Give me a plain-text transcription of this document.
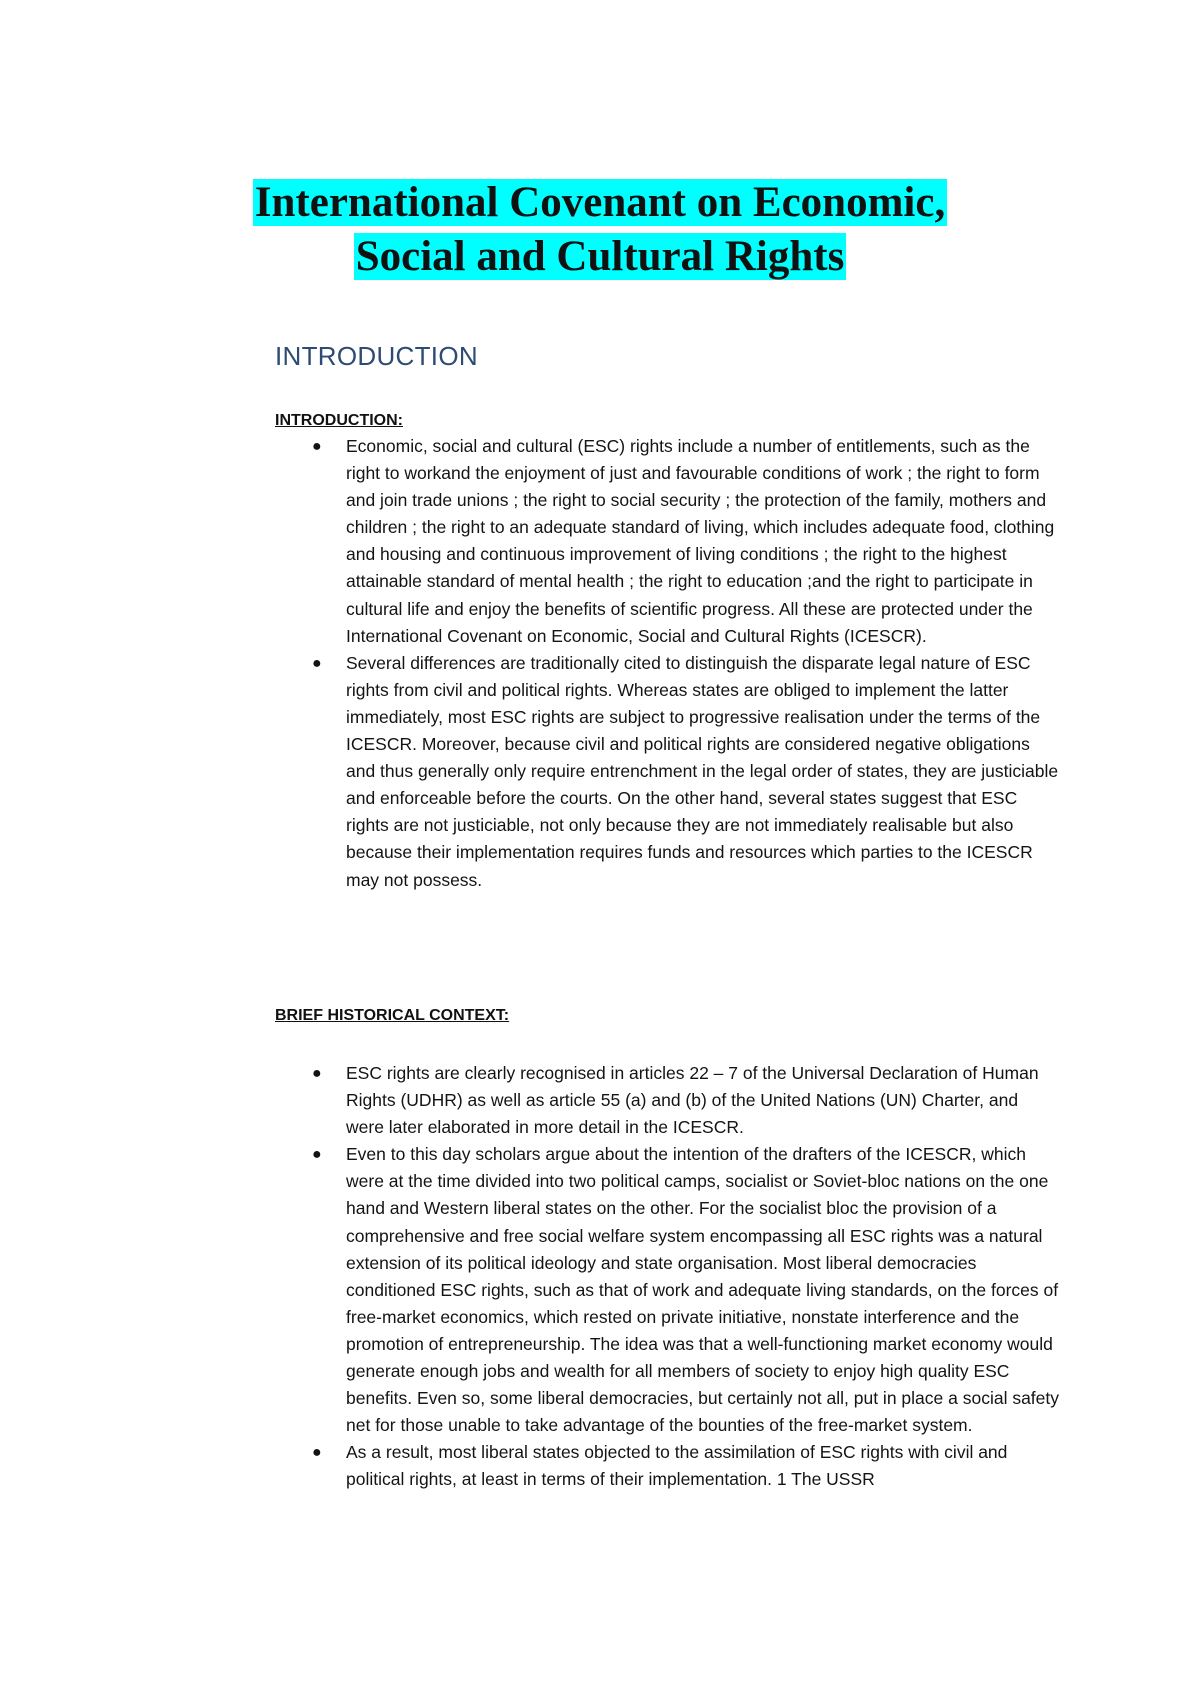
International Covenant on Economic,

Social and Cultural Rights

INTRODUCTION

INTRODUCTION:

● Economic, social and cultural (ESC) rights include a number of entitlements, such as the right to workand the enjoyment of just and favourable conditions of work ; the right to form and join trade unions ; the right to social security ; the protection of the family, mothers and children ; the right to an adequate standard of living, which includes adequate food, clothing and housing and continuous improvement of living conditions ; the right to the highest attainable standard of mental health ; the right to education ;and the right to participate in cultural life and enjoy the benefits of scientific progress. All these are protected under the International Covenant on Economic, Social and Cultural Rights (ICESCR).
● Several differences are traditionally cited to distinguish the disparate legal nature of ESC rights from civil and political rights. Whereas states are obliged to implement the latter immediately, most ESC rights are subject to progressive realisation under the terms of the ICESCR. Moreover, because civil and political rights are considered negative obligations and thus generally only require entrenchment in the legal order of states, they are justiciable and enforceable before the courts. On the other hand, several states suggest that ESC rights are not justiciable, not only because they are not immediately realisable but also because their implementation requires funds and resources which parties to the ICESCR may not possess.

BRIEF HISTORICAL CONTEXT:

● ESC rights are clearly recognised in articles 22 – 7 of the Universal Declaration of Human Rights (UDHR) as well as article 55 (a) and (b) of the United Nations (UN) Charter, and were later elaborated in more detail in the ICESCR.
● Even to this day scholars argue about the intention of the drafters of the ICESCR, which were at the time divided into two political camps, socialist or Soviet-bloc nations on the one hand and Western liberal states on the other. For the socialist bloc the provision of a comprehensive and free social welfare system encompassing all ESC rights was a natural extension of its political ideology and state organisation. Most liberal democracies conditioned ESC rights, such as that of work and adequate living standards, on the forces of free-market economics, which rested on private initiative, nonstate interference and the promotion of entrepreneurship. The idea was that a well-functioning market economy would generate enough jobs and wealth for all members of society to enjoy high quality ESC benefits. Even so, some liberal democracies, but certainly not all, put in place a social safety net for those unable to take advantage of the bounties of the free-market system.
● As a result, most liberal states objected to the assimilation of ESC rights with civil and political rights, at least in terms of their implementation. 1 The USSR
